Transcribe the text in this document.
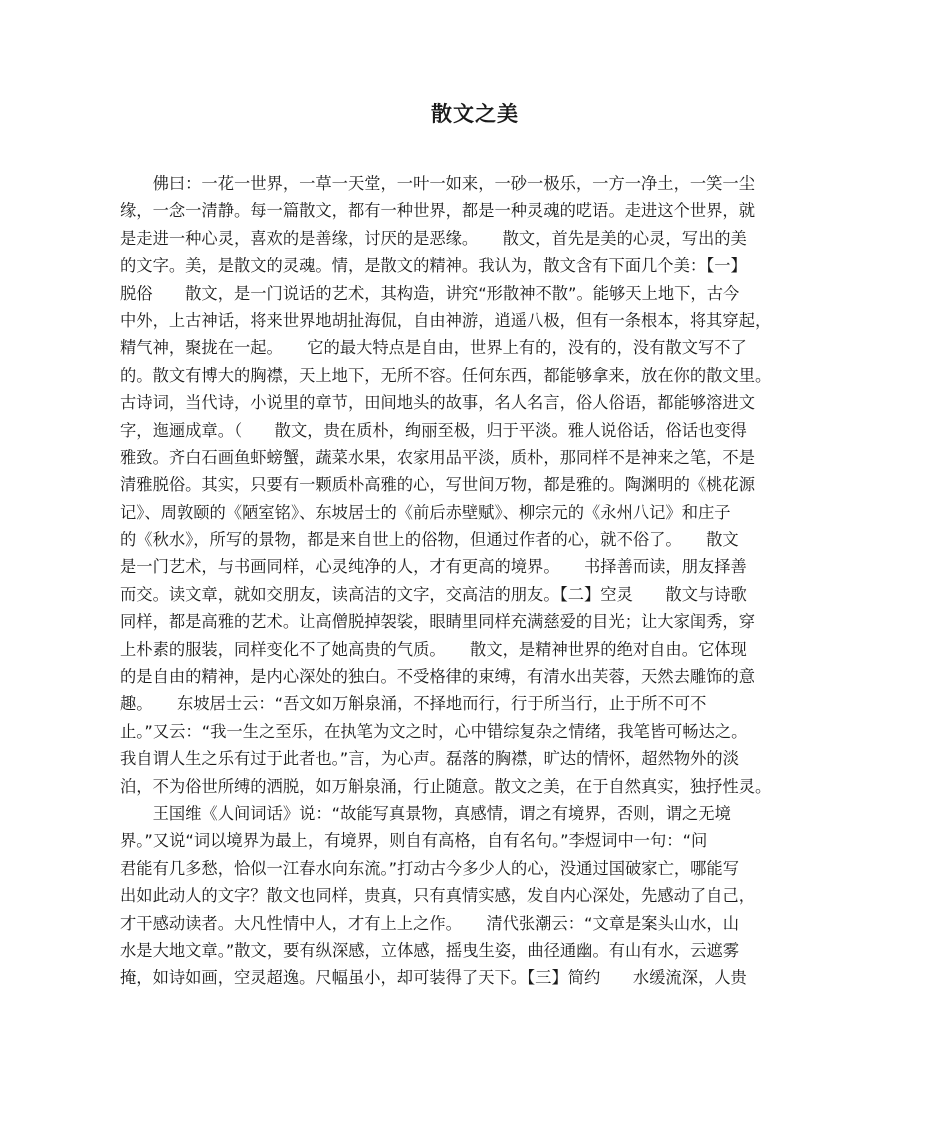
散文之美
　　佛曰：一花一世界，一草一天堂，一叶一如来，一砂一极乐，一方一净土，一笑一尘
缘，一念一清静。每一篇散文，都有一种世界，都是一种灵魂的呓语。走进这个世界，就
是走进一种心灵，喜欢的是善缘，讨厌的是恶缘。　　散文，首先是美的心灵，写出的美
的文字。美，是散文的灵魂。情，是散文的精神。我认为，散文含有下面几个美：【一】
脱俗　　散文，是一门说话的艺术，其构造，讲究“形散神不散”。能够天上地下，古今
中外，上古神话，将来世界地胡扯海侃，自由神游，逍遥八极，但有一条根本，将其穿起，
精气神，聚拢在一起。　　它的最大特点是自由，世界上有的，没有的，没有散文写不了
的。散文有博大的胸襟，天上地下，无所不容。任何东西，都能够拿来，放在你的散文里。
古诗词，当代诗，小说里的章节，田间地头的故事，名人名言，俗人俗语，都能够溶进文
字，迤逦成章。（　　散文，贵在质朴，绚丽至极，归于平淡。雅人说俗话，俗话也变得
雅致。齐白石画鱼虾螃蟹，蔬菜水果，农家用品平淡，质朴，那同样不是神来之笔，不是
清雅脱俗。其实，只要有一颗质朴高雅的心，写世间万物，都是雅的。陶渊明的《桃花源
记》、周敦颐的《陋室铭》、东坡居士的《前后赤壁赋》、柳宗元的《永州八记》和庄子
的《秋水》，所写的景物，都是来自世上的俗物，但通过作者的心，就不俗了。　　散文
是一门艺术，与书画同样，心灵纯净的人，才有更高的境界。　　书择善而读，朋友择善
而交。读文章，就如交朋友，读高洁的文字，交高洁的朋友。【二】空灵　　散文与诗歌
同样，都是高雅的艺术。让高僧脱掉袈裟，眼睛里同样充满慈爱的目光；让大家闺秀，穿
上朴素的服装，同样变化不了她高贵的气质。　　散文，是精神世界的绝对自由。它体现
的是自由的精神，是内心深处的独白。不受格律的束缚，有清水出芙蓉，天然去雕饰的意
趣。　　东坡居士云：“吾文如万斛泉涌，不择地而行，行于所当行，止于所不可不
止。”又云：“我一生之至乐，在执笔为文之时，心中错综复杂之情绪，我笔皆可畅达之。
我自谓人生之乐有过于此者也。”言，为心声。磊落的胸襟，旷达的情怀，超然物外的淡
泊，不为俗世所缚的洒脱，如万斛泉涌，行止随意。散文之美，在于自然真实，独抒性灵。
　　王国维《人间词话》说：“故能写真景物，真感情，谓之有境界，否则，谓之无境
界。”又说“词以境界为最上，有境界，则自有高格，自有名句。”李煜词中一句：“问
君能有几多愁，恰似一江春水向东流。”打动古今多少人的心，没通过国破家亡，哪能写
出如此动人的文字？散文也同样，贵真，只有真情实感，发自内心深处，先感动了自己，
才干感动读者。大凡性情中人，才有上上之作。　　清代张潮云：“文章是案头山水，山
水是大地文章。”散文，要有纵深感，立体感，摇曳生姿，曲径通幽。有山有水，云遮雾
掩，如诗如画，空灵超逸。尺幅虽小，却可装得了天下。【三】简约　　水缓流深，人贵
